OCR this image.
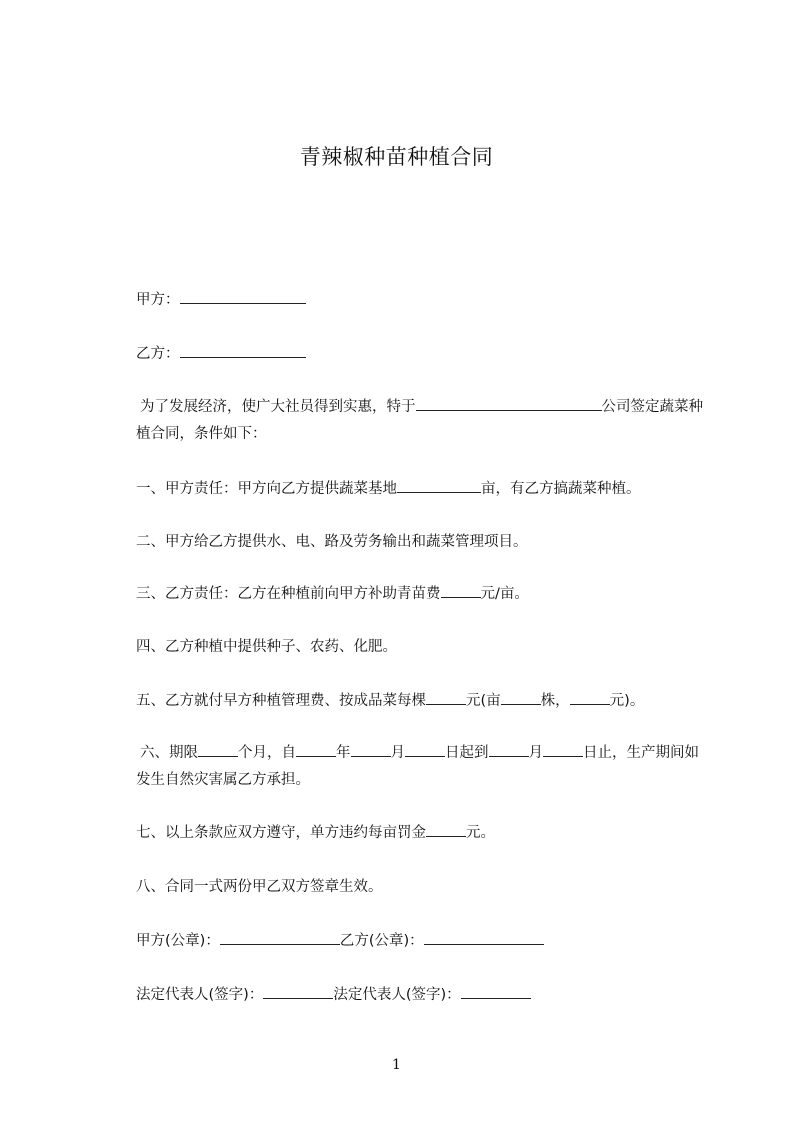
青辣椒种苗种植合同

甲方：

乙方：

为了发展经济，使广大社员得到实惠，特于	公司签定蔬菜种植合同，条件如下：

一、甲方责任：甲方向乙方提供蔬菜基地	亩，有乙方搞蔬菜种植。

二、甲方给乙方提供水、电、路及劳务输出和蔬菜管理项目。

三、乙方责任：乙方在种植前向甲方补助青苗费	元/亩。

四、乙方种植中提供种子、农药、化肥。

五、乙方就付早方种植管理费、按成品菜每棵	元(亩	株，	元)。

六、期限	个月，自	年	月	日起到	月	日止，生产期间如发生自然灾害属乙方承担。

七、以上条款应双方遵守，单方违约每亩罚金	元。

八、合同一式两份甲乙双方签章生效。

甲方(公章)：	乙方(公章)：

法定代表人(签字)：	法定代表人(签字)：

1
